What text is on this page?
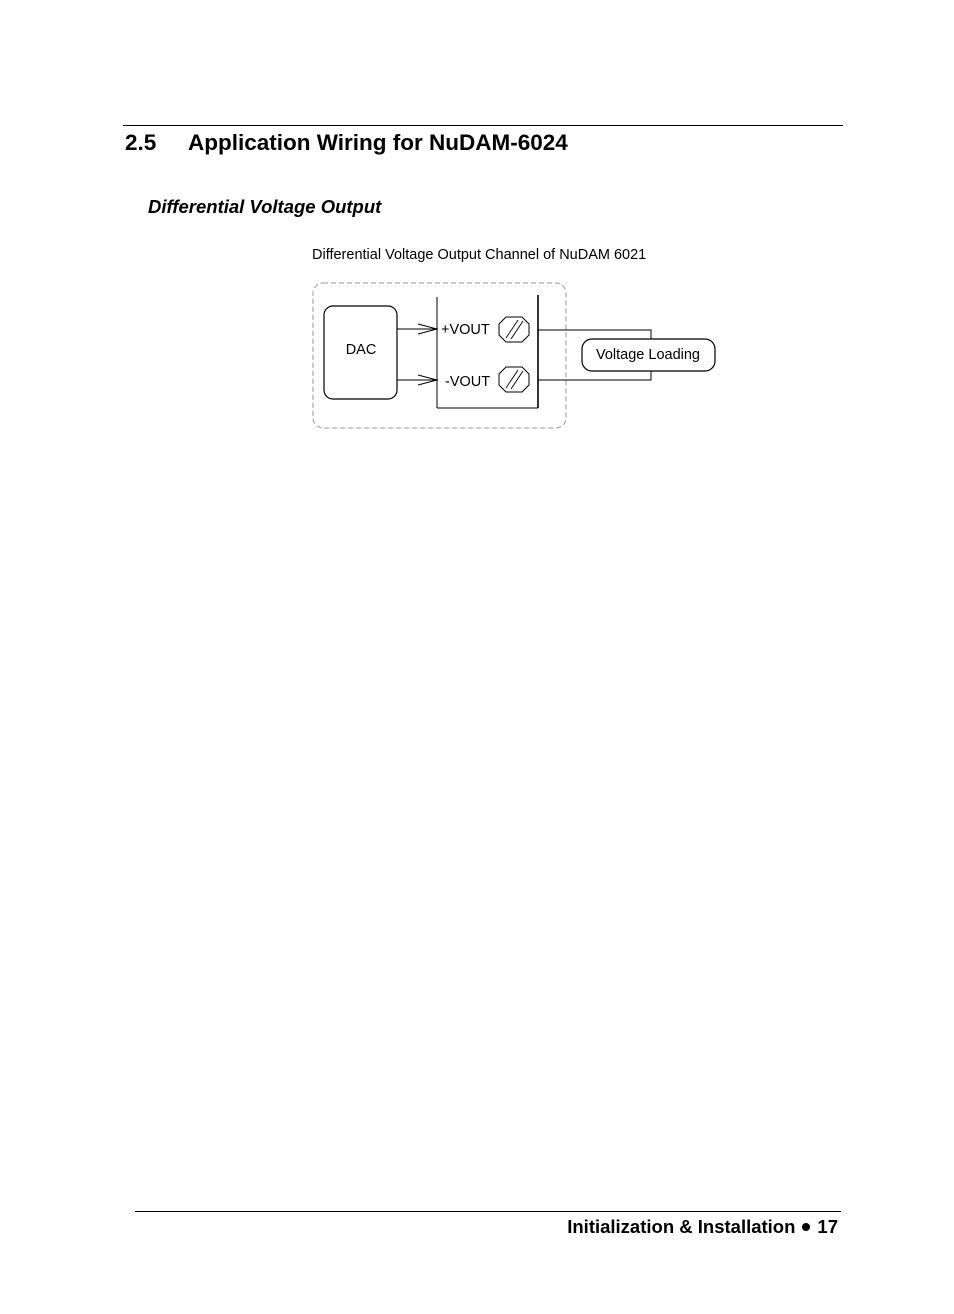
2.5 Application Wiring for NuDAM-6024
Differential Voltage Output
Differential Voltage Output Channel of NuDAM 6021
DAC
+VOUT
-VOUT
Voltage Loading
Initialization & Installation 17
